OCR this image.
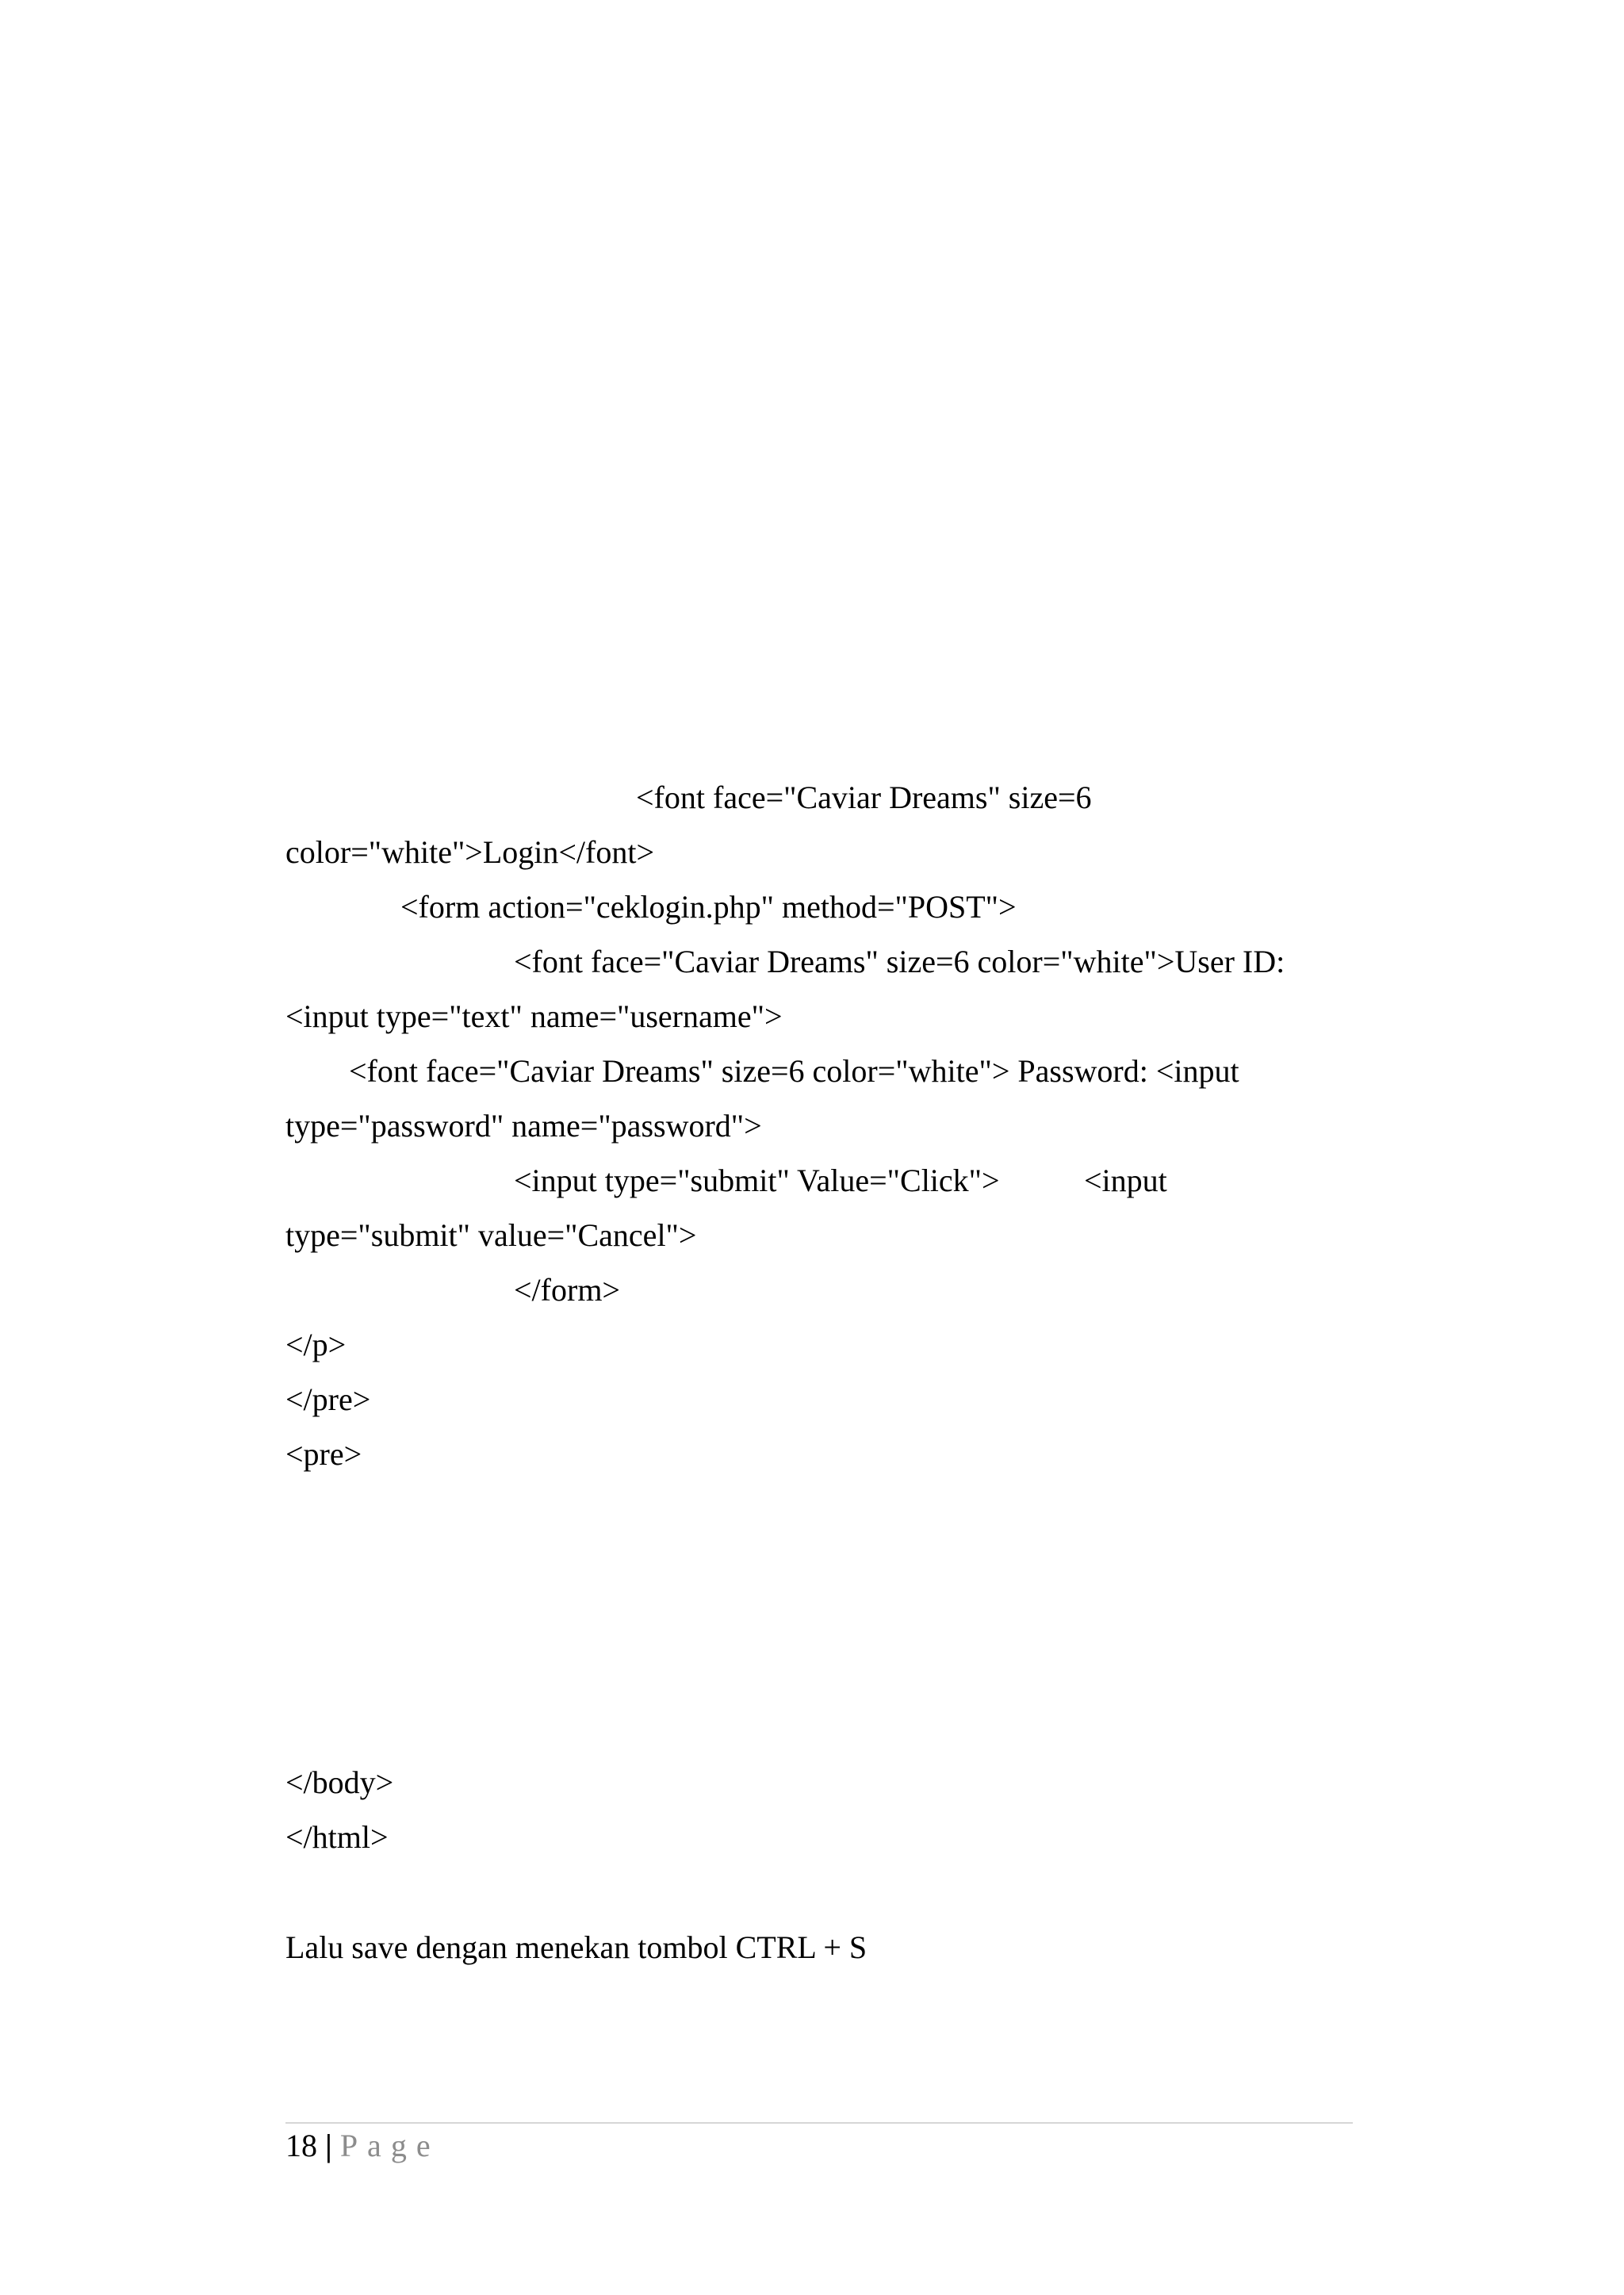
<font face="Caviar Dreams" size=6
color="white">Login</font>
<form action="ceklogin.php" method="POST">
<font face="Caviar Dreams" size=6 color="white">User ID:
<input type="text" name="username">
<font face="Caviar Dreams" size=6 color="white"> Password: <input
type="password" name="password">
<input type="submit" Value="Click">	<input
type="submit" value="Cancel">
</form>
</p>
</pre>
<pre>
</body>
</html>
Lalu save dengan menekan tombol CTRL + S
18 | Page
